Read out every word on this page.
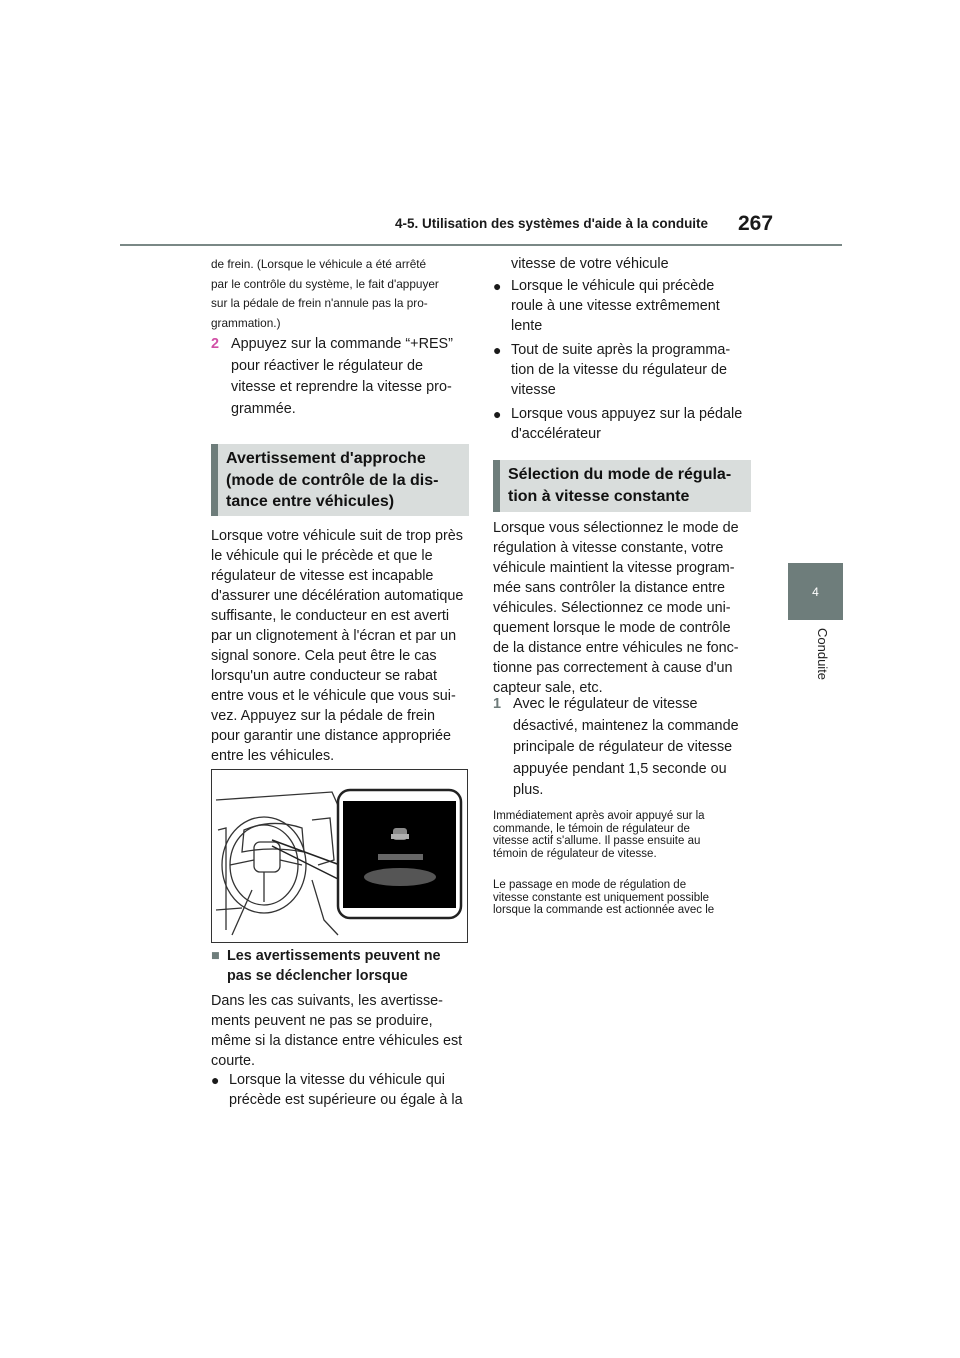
4-5. Utilisation des systèmes d'aide à la conduite 267
4
Conduite
de frein. (Lorsque le véhicule a été arrêté
par le contrôle du système, le fait d'appuyer
sur la pédale de frein n'annule pas la pro-
grammation.)
2 Appuyez sur la commande “+RES”
pour réactiver le régulateur de
vitesse et reprendre la vitesse pro-
grammée.
Avertissement d'approche
(mode de contrôle de la dis-
tance entre véhicules)
Lorsque votre véhicule suit de trop près
le véhicule qui le précède et que le
régulateur de vitesse est incapable
d'assurer une décélération automatique
suffisante, le conducteur en est averti
par un clignotement à l'écran et par un
signal sonore. Cela peut être le cas
lorsqu'un autre conducteur se rabat
entre vous et le véhicule que vous sui-
vez. Appuyez sur la pédale de frein
pour garantir une distance appropriée
entre les véhicules.
■ Les avertissements peuvent ne
pas se déclencher lorsque
Dans les cas suivants, les avertisse-
ments peuvent ne pas se produire,
même si la distance entre véhicules est
courte.
● Lorsque la vitesse du véhicule qui
précède est supérieure ou égale à la
vitesse de votre véhicule
● Lorsque le véhicule qui précède
roule à une vitesse extrêmement
lente
● Tout de suite après la programma-
tion de la vitesse du régulateur de
vitesse
● Lorsque vous appuyez sur la pédale
d'accélérateur
Sélection du mode de régula-
tion à vitesse constante
Lorsque vous sélectionnez le mode de
régulation à vitesse constante, votre
véhicule maintient la vitesse program-
mée sans contrôler la distance entre
véhicules. Sélectionnez ce mode uni-
quement lorsque le mode de contrôle
de la distance entre véhicules ne fonc-
tionne pas correctement à cause d'un
capteur sale, etc.
1 Avec le régulateur de vitesse
désactivé, maintenez la commande
principale de régulateur de vitesse
appuyée pendant 1,5 seconde ou
plus.
Immédiatement après avoir appuyé sur la
commande, le témoin de régulateur de
vitesse actif s'allume. Il passe ensuite au
témoin de régulateur de vitesse.
Le passage en mode de régulation de
vitesse constante est uniquement possible
lorsque la commande est actionnée avec le
